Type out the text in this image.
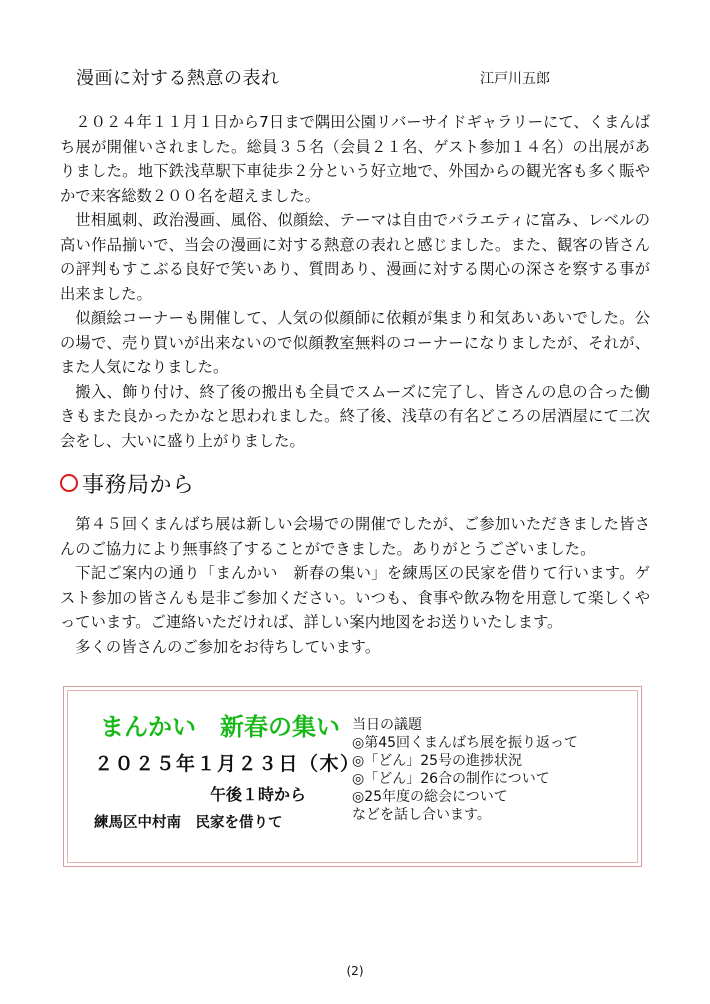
漫画に対する熱意の表れ	江戸川五郎

２０２４年１１月１日から7日まで隅田公園リバーサイドギャラリーにて、くまんばち展が開催いされました。総員３５名（会員２１名、ゲスト参加１４名）の出展がありました。地下鉄浅草駅下車徒歩２分という好立地で、外国からの観光客も多く賑やかで来客総数２００名を超えました。

世相風刺、政治漫画、風俗、似顔絵、テーマは自由でバラエティに富み、レベルの高い作品揃いで、当会の漫画に対する熱意の表れと感じました。また、観客の皆さんの評判もすこぶる良好で笑いあり、質問あり、漫画に対する関心の深さを察する事が出来ました。

似顔絵コーナーも開催して、人気の似顔師に依頼が集まり和気あいあいでした。公の場で、売り買いが出来ないので似顔教室無料のコーナーになりましたが、それが、また人気になりました。

搬入、飾り付け、終了後の搬出も全員でスムーズに完了し、皆さんの息の合った働きもまた良かったかなと思われました。終了後、浅草の有名どころの居酒屋にて二次会をし、大いに盛り上がりました。

事務局から

第４５回くまんばち展は新しい会場での開催でしたが、ご参加いただきました皆さんのご協力により無事終了することができました。ありがとうございました。

下記ご案内の通り「まんかい　新春の集い」を練馬区の民家を借りて行います。ゲスト参加の皆さんも是非ご参加ください。いつも、食事や飲み物を用意して楽しくやっています。ご連絡いただければ、詳しい案内地図をお送りいたします。

多くの皆さんのご参加をお待ちしています。

まんかい　新春の集い
２０２５年１月２３日（木）
午後１時から
練馬区中村南　民家を借りて
当日の議題
◎第45回くまんばち展を振り返って
◎「どん」25号の進捗状況
◎「どん」26合の制作について
◎25年度の総会について
などを話し合います。
(2)
